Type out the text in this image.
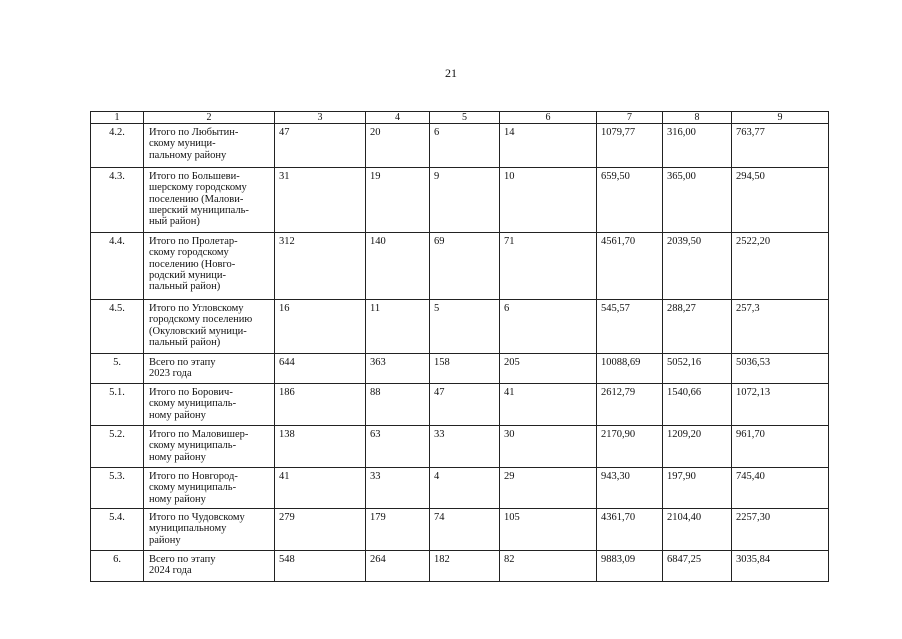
21
1	2	3	4	5	6	7	8	9
4.2.	Итого по Любытин-
скому муници-
пальному району	47	20	6	14	1079,77	316,00	763,77
4.3.	Итого по Большеви-
шерскому городскому
поселению (Малови-
шерский муниципаль-
ный район)	31	19	9	10	659,50	365,00	294,50
4.4.	Итого по Пролетар-
скому городскому
поселению (Новго-
родский муници-
пальный район)	312	140	69	71	4561,70	2039,50	2522,20
4.5.	Итого по Угловскому
городскому поселению
(Окуловский муници-
пальный район)	16	11	5	6	545,57	288,27	257,3
5.	Всего по этапу
2023 года	644	363	158	205	10088,69	5052,16	5036,53
5.1.	Итого по Борович-
скому муниципаль-
ному району	186	88	47	41	2612,79	1540,66	1072,13
5.2.	Итого по Маловишер-
скому муниципаль-
ному району	138	63	33	30	2170,90	1209,20	961,70
5.3.	Итого по Новгород-
скому муниципаль-
ному району	41	33	4	29	943,30	197,90	745,40
5.4.	Итого по Чудовскому
муниципальному
району	279	179	74	105	4361,70	2104,40	2257,30
6.	Всего по этапу
2024 года	548	264	182	82	9883,09	6847,25	3035,84
